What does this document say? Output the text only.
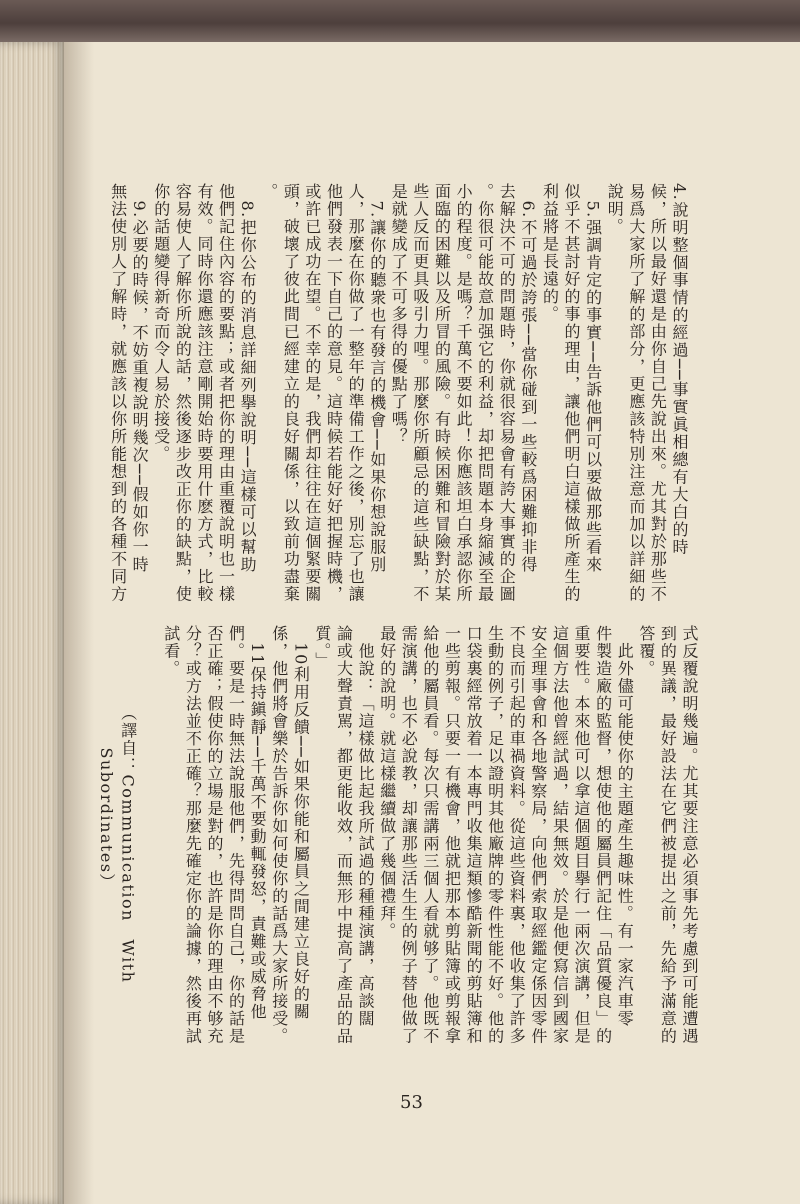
4.說明整個事情的經過──事實眞相總有大白的時
候，所以最好還是由你自己先說出來。尤其對於那些不
易爲大家所了解的部分，更應該特別注意而加以詳細的
說明。
　5.强調肯定的事實──告訴他們可以要做那些看來
似乎不甚討好的事的理由，讓他們明白這樣做所產生的
利益將是長遠的。
　6.不可過於誇張──當你碰到一些較爲困難抑非得
去解決不可的問題時，你就很容易會有誇大事實的企圖
。你很可能故意加强它的利益，却把問題本身縮減至最
小的程度。是嗎？千萬不要如此！你應該坦白承認你所
面臨的困難以及所冒的風險。有時候困難和冒險對於某
些人反而更具吸引力哩。那麼你所顧忌的這些缺點，不
是就變成了不可多得的優點了嗎？
　7.讓你的聽衆也有發言的機會──如果你想說服別
人，那麼在你做了一整年的準備工作之後，別忘了也讓
他們發表一下自己的意見。這時候若能好好把握時機，
或許已成功在望。不幸的是，我們却往往在這個緊要關
頭，破壞了彼此間已經建立的良好關係，以致前功盡棄
。
　8.把你公布的消息詳細列擧說明──這樣可以幫助
他們記住內容的要點；或者把你的理由重覆說明也一樣
有效。同時你還應該注意剛開始時要用什麽方式，比較
容易使人了解你所說的話，然後逐步改正你的缺點，使
你的話題變得新奇而令人易於接受。
　9.必要的時候，不妨重複說明幾次──假如你一時
無法使別人了解時，就應該以你所能想到的各種不同方
式反覆說明幾遍。尤其要注意必須事先考慮到可能遭遇
到的異議，最好設法在它們被提出之前，先給予滿意的
答覆。
　此外儘可能使你的主題產生趣味性。有一家汽車零
件製造廠的監督，想使他的屬員們記住「品質優良」的
重要性。本來他可以拿這個題目擧行一兩次演講，但是
這個方法他曾經試過，結果無效。於是他便寫信到國家
安全理事會和各地警察局，向他們索取經鑑定係因零件
不良而引起的車禍資料。從這些資料裏，他收集了許多
生動的例子，足以證明其他廠牌的零件性能不好。他的
口袋裏經常放着一本專門收集這類慘酷新聞的剪貼簿和
一些剪報。只要一有機會，他就把那本剪貼簿或剪報拿
給他的屬員看。每次只需講兩三個人看就够了。他既不
需演講，也不必說教，却讓那些活生生的例子替他做了
最好的說明。就這樣繼續做了幾個禮拜。
　他說：「這樣做比起我所試過的種種演講，高談闊
論或大聲責駡，都更能收效，而無形中提高了產品的品
質。」
　10利用反饋──如果你能和屬員之間建立良好的關
係，他們將會樂於告訴你如何使你的話爲大家所接受。
　11保持鎭靜──千萬不要動輒發怒，責難或威脅他
們。要是一時無法說服他們，先得問問自己，你的話是
否正確；假使你的立場是對的，也許是你的理由不够充
分？或方法並不正確？那麼先確定你的論據，然後再試
試看。

　　　　　（譯自：Communication　With
　　　　　　　Subordinates）
53
